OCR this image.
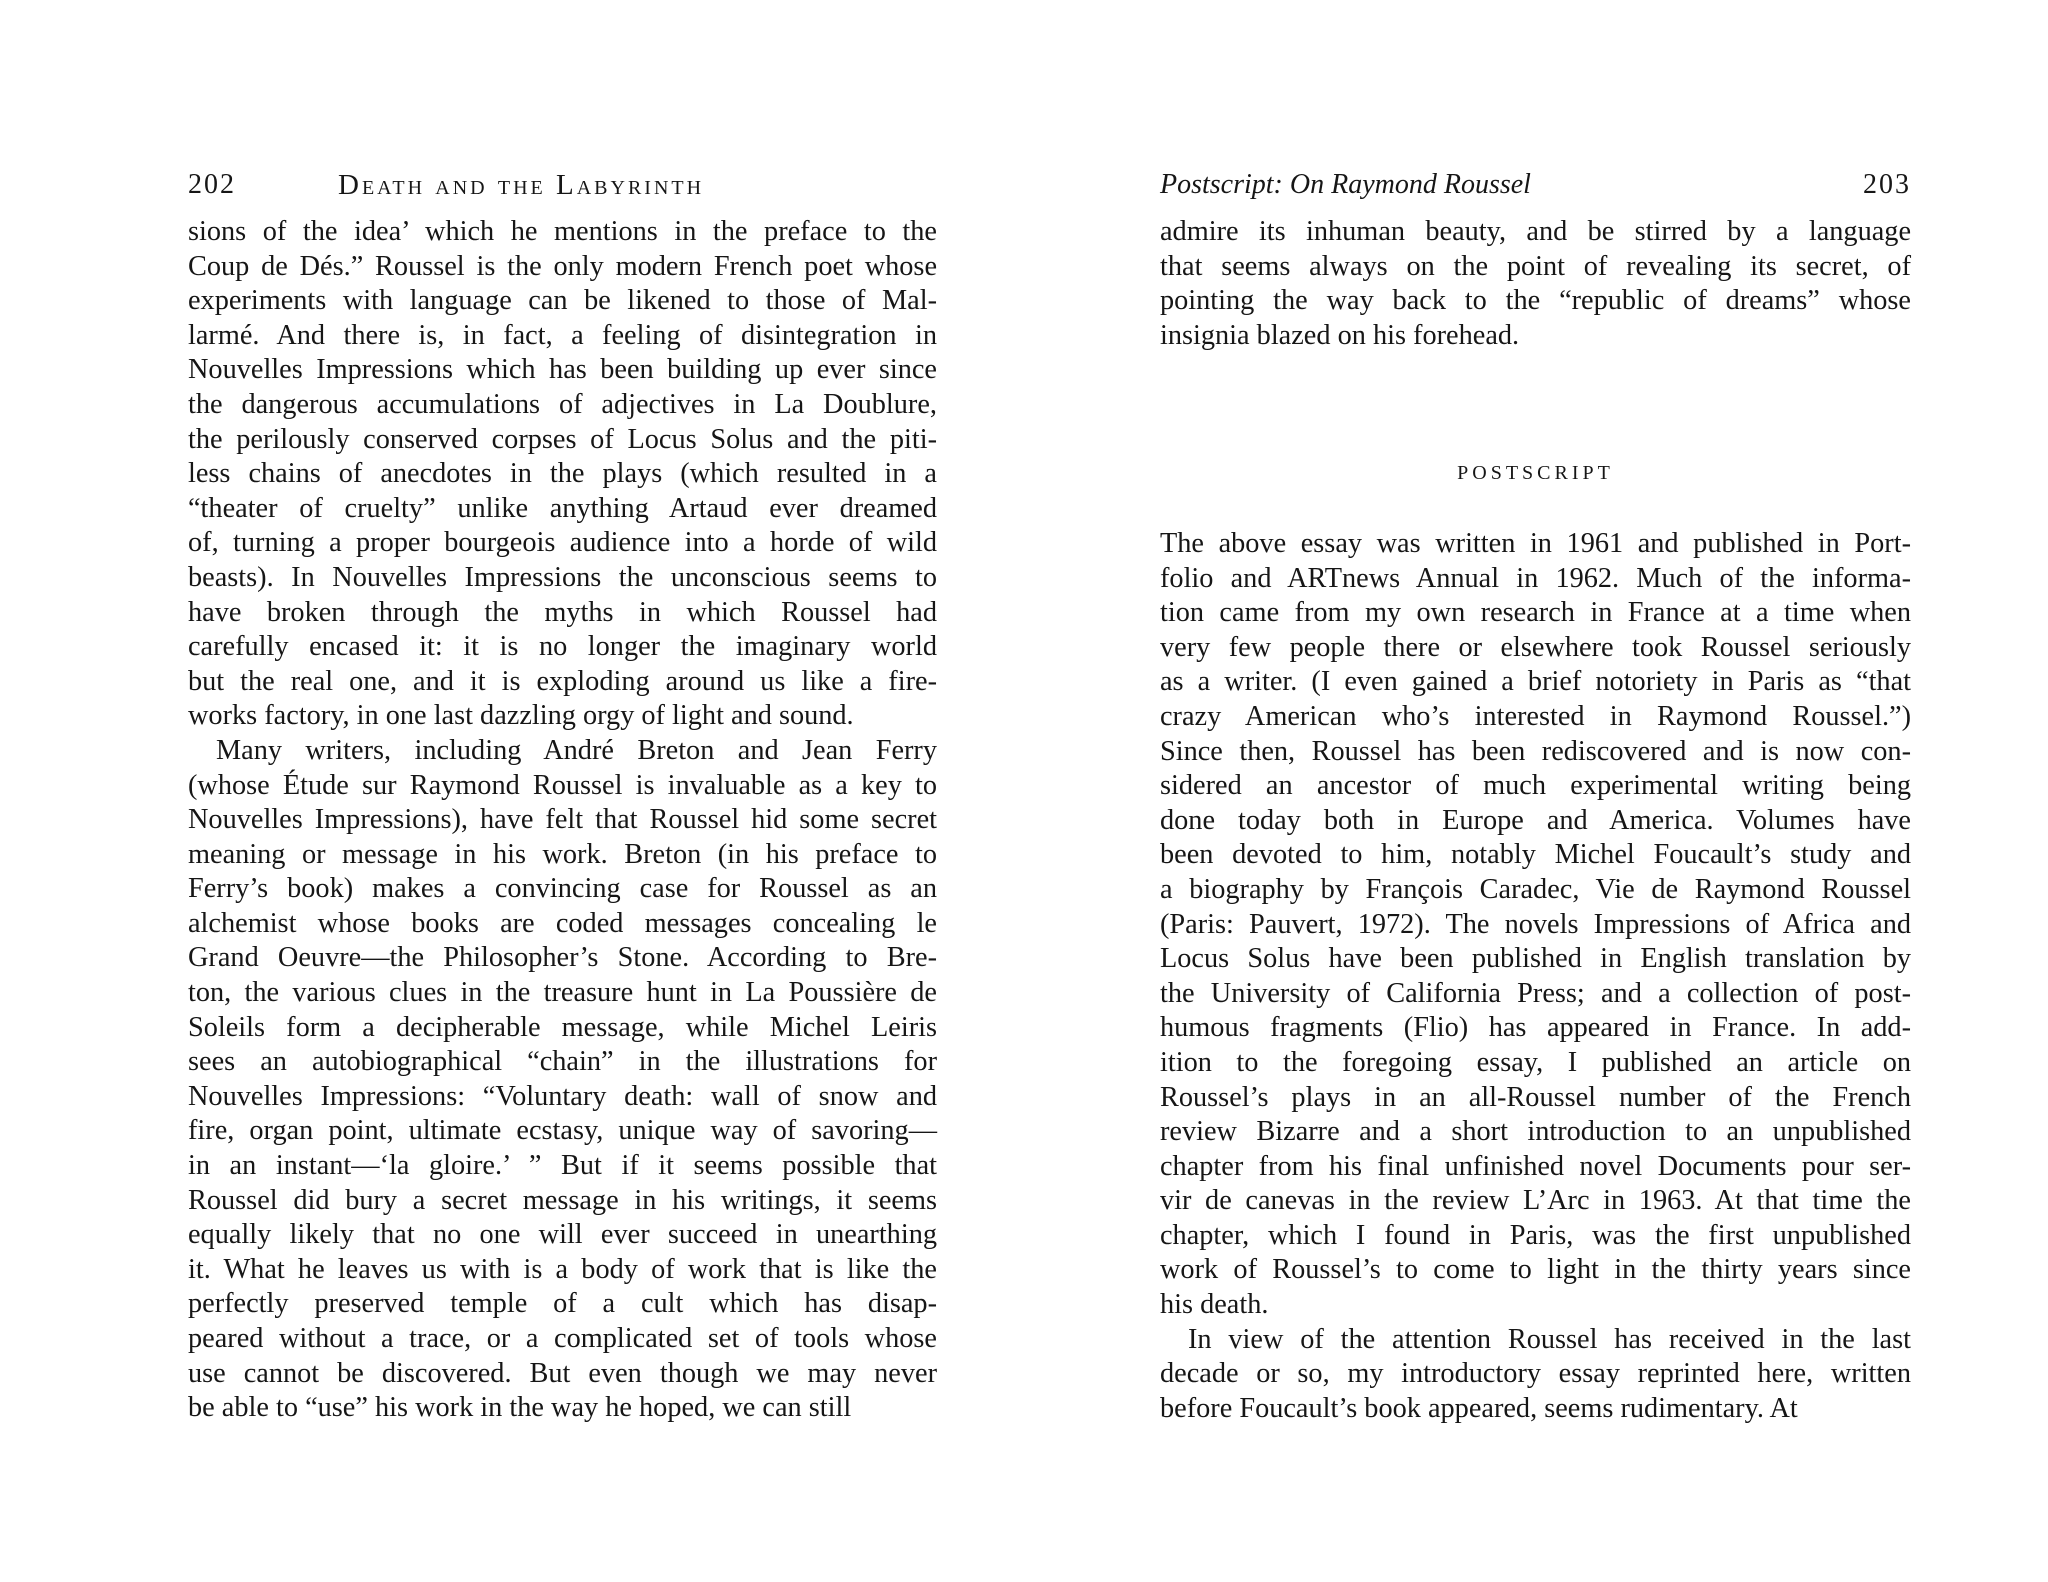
202	Death and the Labyrinth
sions of the idea’ which he mentions in the preface to the
Coup de Dés.” Roussel is the only modern French poet whose
experiments with language can be likened to those of Mal-
larmé. And there is, in fact, a feeling of disintegration in
Nouvelles Impressions which has been building up ever since
the dangerous accumulations of adjectives in La Doublure,
the perilously conserved corpses of Locus Solus and the piti-
less chains of anecdotes in the plays (which resulted in a
“theater of cruelty” unlike anything Artaud ever dreamed
of, turning a proper bourgeois audience into a horde of wild
beasts). In Nouvelles Impressions the unconscious seems to
have broken through the myths in which Roussel had
carefully encased it: it is no longer the imaginary world
but the real one, and it is exploding around us like a fire-
works factory, in one last dazzling orgy of light and sound.
Many writers, including André Breton and Jean Ferry
(whose Étude sur Raymond Roussel is invaluable as a key to
Nouvelles Impressions), have felt that Roussel hid some secret
meaning or message in his work. Breton (in his preface to
Ferry’s book) makes a convincing case for Roussel as an
alchemist whose books are coded messages concealing le
Grand Oeuvre—the Philosopher’s Stone. According to Bre-
ton, the various clues in the treasure hunt in La Poussière de
Soleils form a decipherable message, while Michel Leiris
sees an autobiographical “chain” in the illustrations for
Nouvelles Impressions: “Voluntary death: wall of snow and
fire, organ point, ultimate ecstasy, unique way of savoring—
in an instant—‘la gloire.’ ” But if it seems possible that
Roussel did bury a secret message in his writings, it seems
equally likely that no one will ever succeed in unearthing
it. What he leaves us with is a body of work that is like the
perfectly preserved temple of a cult which has disap-
peared without a trace, or a complicated set of tools whose
use cannot be discovered. But even though we may never
be able to “use” his work in the way he hoped, we can still
Postscript: On Raymond Roussel	203
admire its inhuman beauty, and be stirred by a language
that seems always on the point of revealing its secret, of
pointing the way back to the “republic of dreams” whose
insignia blazed on his forehead.
POSTSCRIPT
The above essay was written in 1961 and published in Port-
folio and ARTnews Annual in 1962. Much of the informa-
tion came from my own research in France at a time when
very few people there or elsewhere took Roussel seriously
as a writer. (I even gained a brief notoriety in Paris as “that
crazy American who’s interested in Raymond Roussel.”)
Since then, Roussel has been rediscovered and is now con-
sidered an ancestor of much experimental writing being
done today both in Europe and America. Volumes have
been devoted to him, notably Michel Foucault’s study and
a biography by François Caradec, Vie de Raymond Roussel
(Paris: Pauvert, 1972). The novels Impressions of Africa and
Locus Solus have been published in English translation by
the University of California Press; and a collection of post-
humous fragments (Flio) has appeared in France. In add-
ition to the foregoing essay, I published an article on
Roussel’s plays in an all-Roussel number of the French
review Bizarre and a short introduction to an unpublished
chapter from his final unfinished novel Documents pour ser-
vir de canevas in the review L’Arc in 1963. At that time the
chapter, which I found in Paris, was the first unpublished
work of Roussel’s to come to light in the thirty years since
his death.
In view of the attention Roussel has received in the last
decade or so, my introductory essay reprinted here, written
before Foucault’s book appeared, seems rudimentary. At
